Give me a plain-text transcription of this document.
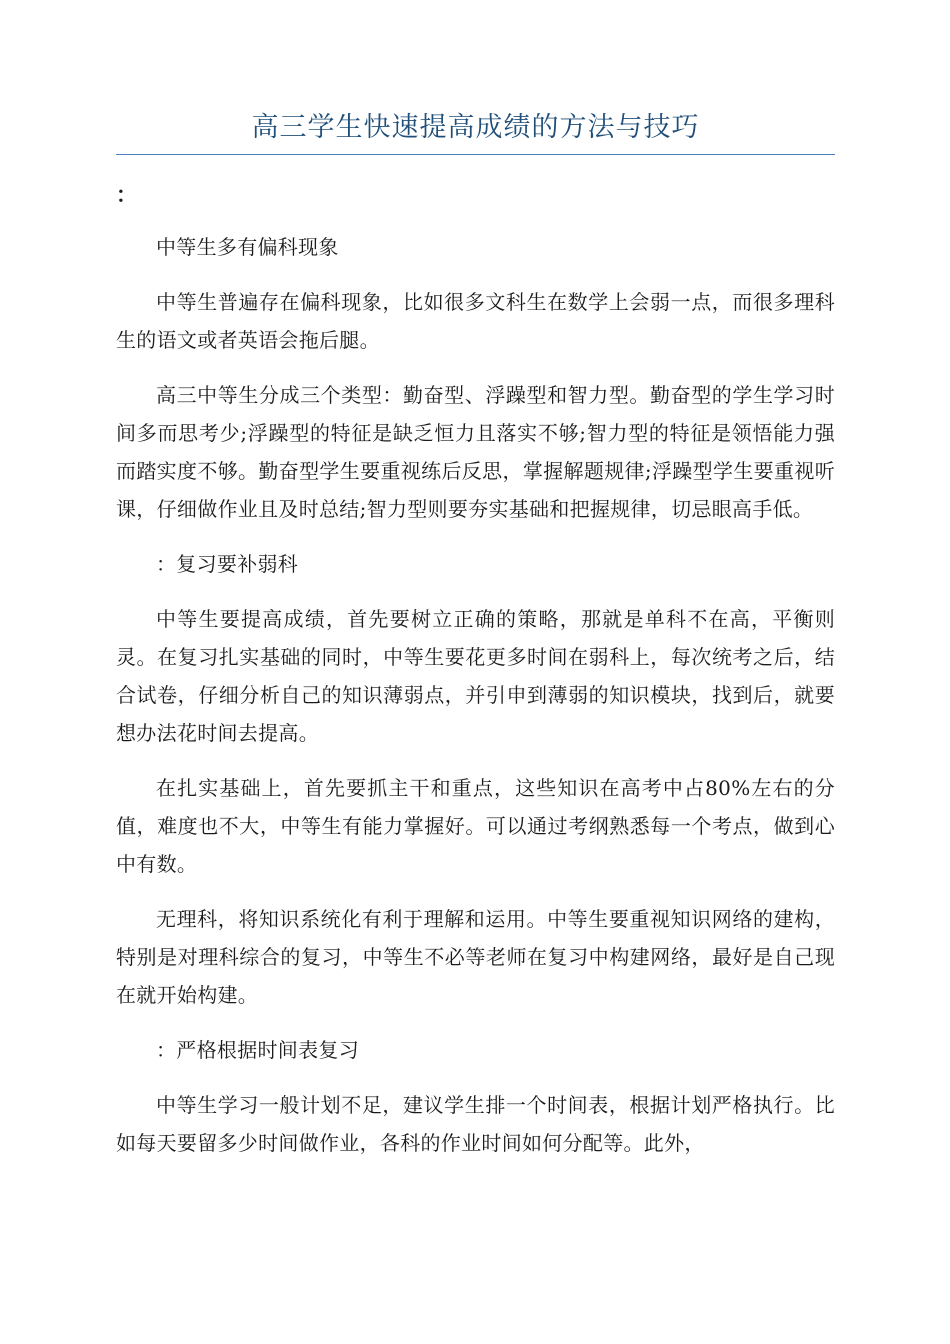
高三学生快速提高成绩的方法与技巧
：

中等生多有偏科现象

中等生普遍存在偏科现象，比如很多文科生在数学上会弱一点，而很多理科生的语文或者英语会拖后腿。

高三中等生分成三个类型：勤奋型、浮躁型和智力型。勤奋型的学生学习时间多而思考少;浮躁型的特征是缺乏恒力且落实不够;智力型的特征是领悟能力强而踏实度不够。勤奋型学生要重视练后反思，掌握解题规律;浮躁型学生要重视听课，仔细做作业且及时总结;智力型则要夯实基础和把握规律，切忌眼高手低。

：复习要补弱科

中等生要提高成绩，首先要树立正确的策略，那就是单科不在高，平衡则灵。在复习扎实基础的同时，中等生要花更多时间在弱科上，每次统考之后，结合试卷，仔细分析自己的知识薄弱点，并引申到薄弱的知识模块，找到后，就要想办法花时间去提高。

在扎实基础上，首先要抓主干和重点，这些知识在高考中占80%左右的分值，难度也不大，中等生有能力掌握好。可以通过考纲熟悉每一个考点，做到心中有数。

无理科，将知识系统化有利于理解和运用。中等生要重视知识网络的建构，特别是对理科综合的复习，中等生不必等老师在复习中构建网络，最好是自己现在就开始构建。

：严格根据时间表复习

中等生学习一般计划不足，建议学生排一个时间表，根据计划严格执行。比如每天要留多少时间做作业，各科的作业时间如何分配等。此外，
